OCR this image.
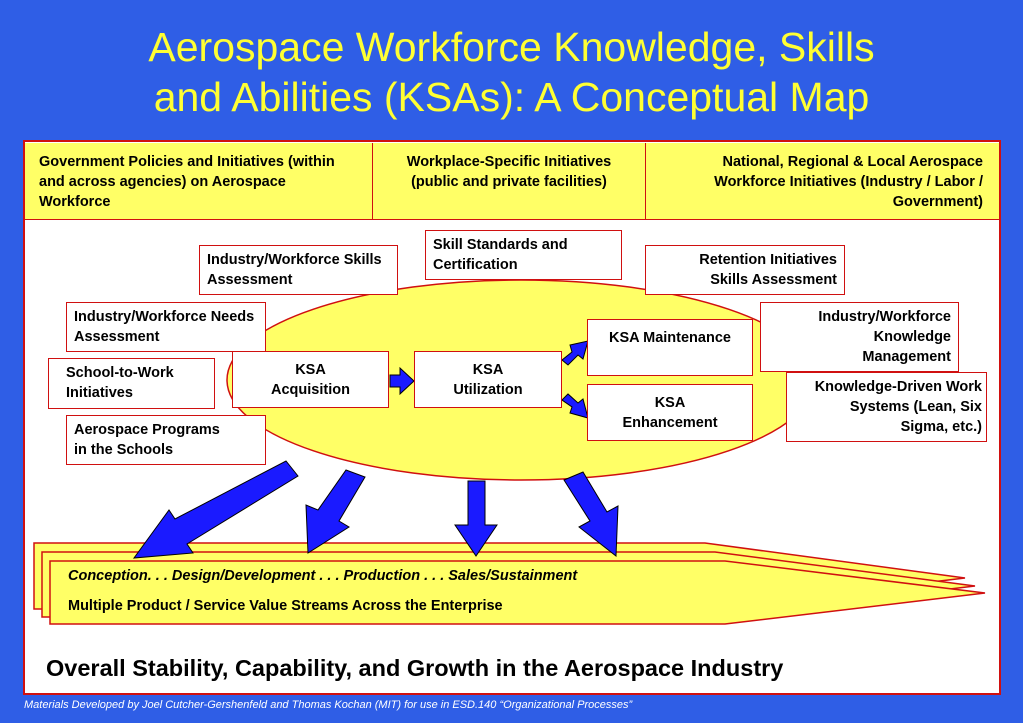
Aerospace Workforce Knowledge, Skills
and Abilities (KSAs): A Conceptual Map
Government Policies and Initiatives (within and across agencies) on Aerospace Workforce
Workplace-Specific Initiatives (public and private facilities)
National, Regional & Local Aerospace Workforce Initiatives (Industry / Labor / Government)
Industry/Workforce Skills Assessment
Skill Standards and Certification	Retention Initiatives Skills Assessment
Industry/Workforce Needs Assessment
Industry/Workforce Knowledge Management
School-to-Work Initiatives	Knowledge-Driven Work Systems (Lean, Six Sigma, etc.)
Aerospace Programs in the Schools
KSA Acquisition
KSA Utilization
KSA Maintenance
KSA Enhancement
Conception. . . Design/Development . . . Production . . . Sales/Sustainment
Multiple Product / Service Value Streams Across the Enterprise
Overall Stability, Capability, and Growth in the Aerospace Industry
Materials Developed by Joel Cutcher-Gershenfeld and Thomas Kochan (MIT) for use in ESD.140 “Organizational Processes”
